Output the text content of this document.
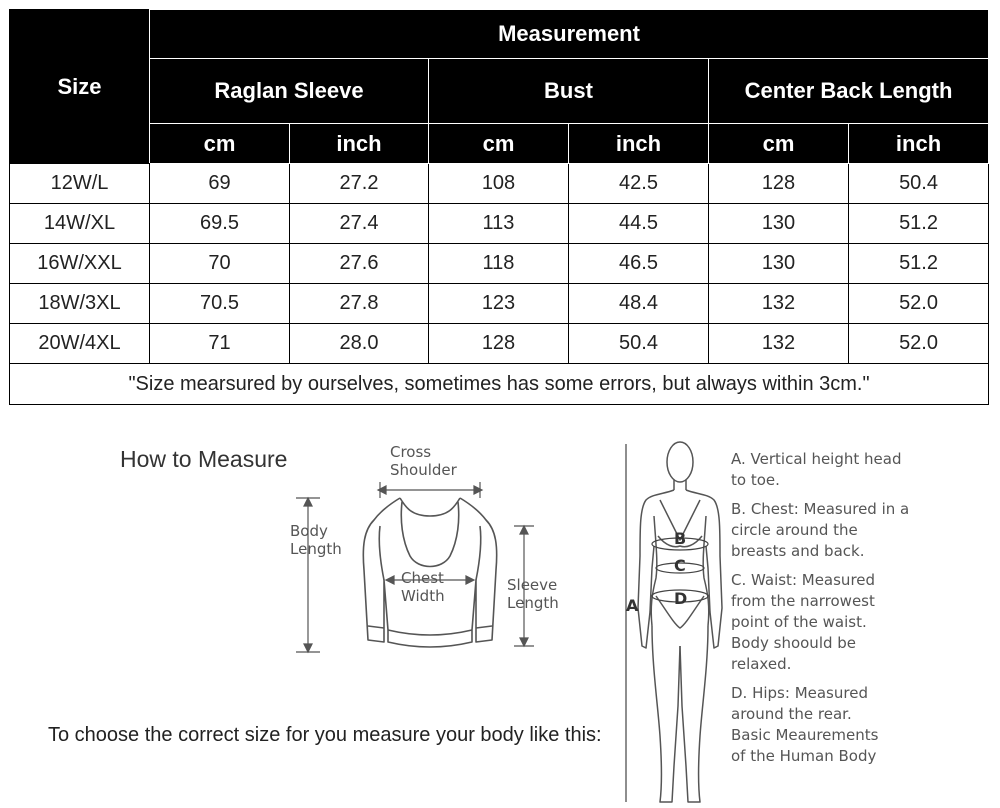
Size	Measurement					
	Raglan Sleeve		Bust		Center Back Length	
	cm	inch	cm	inch	cm	inch
12W/L	69	27.2	108	42.5	128	50.4
14W/XL	69.5	27.4	113	44.5	130	51.2
16W/XXL	70	27.6	118	46.5	130	51.2
18W/3XL	70.5	27.8	123	48.4	132	52.0
20W/4XL	71	28.0	128	50.4	132	52.0
"Size mearsured by ourselves, sometimes has some errors, but always within 3cm."						
How to Measure	Cross
Shoulder
Body
Length
Chest
Width
Sleeve
Length
To choose the correct size for you measure your body like this:
B
C
A D
A. Vertical height head
to toe.
B. Chest: Measured in a
circle around the
breasts and back.
C. Waist: Measured
from the narrowest
point of the waist.
Body shoould be
relaxed.
D. Hips: Measured
around the rear.
Basic Meaurements
of the Human Body
